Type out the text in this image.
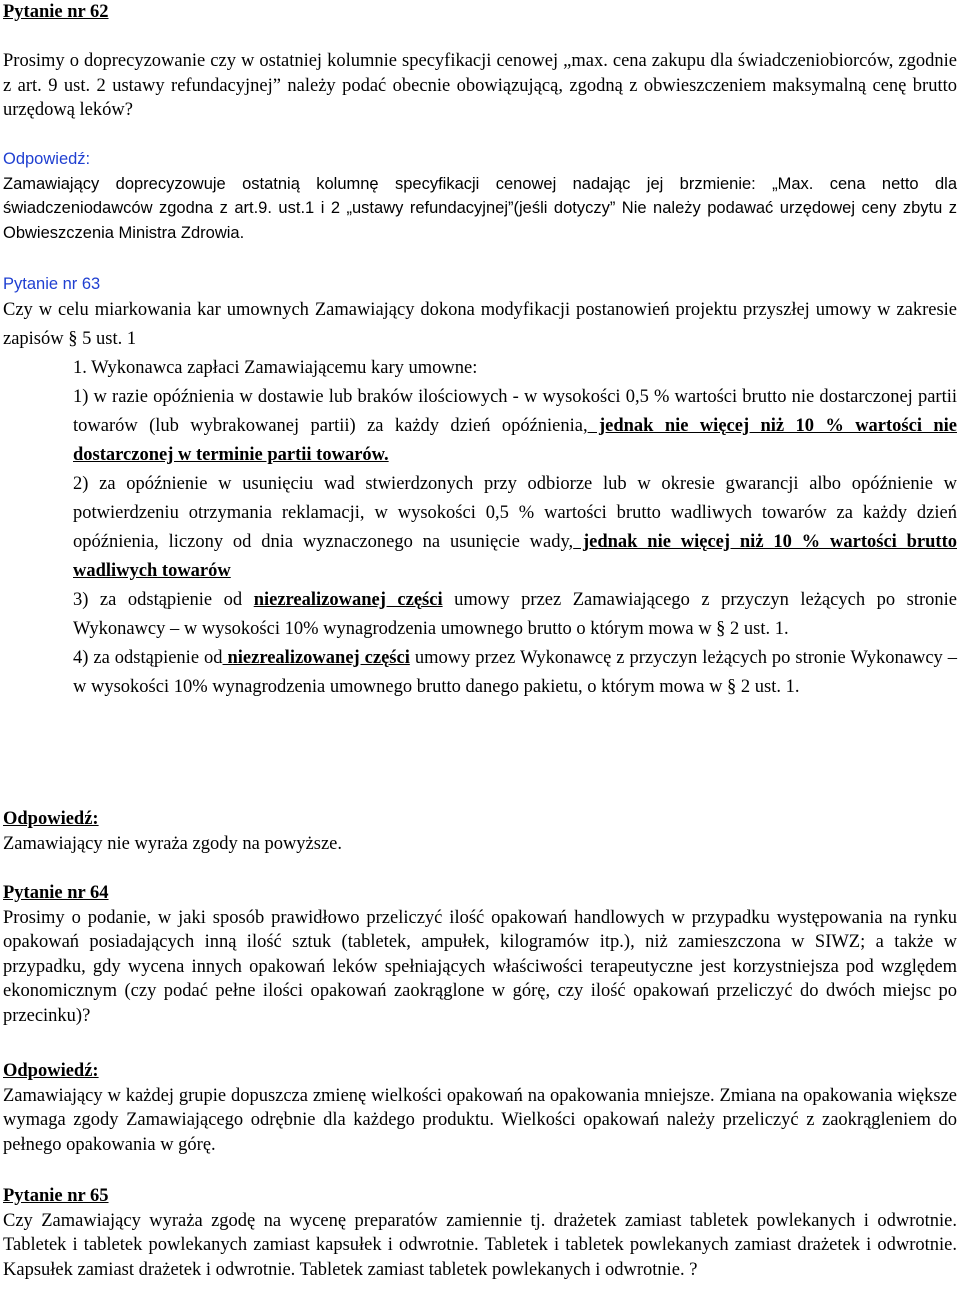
Pytanie nr 62
Prosimy o doprecyzowanie czy w ostatniej kolumnie specyfikacji cenowej „max. cena zakupu dla świadczeniobiorców, zgodnie z art. 9 ust. 2 ustawy refundacyjnej” należy podać obecnie obowiązującą, zgodną z obwieszczeniem maksymalną cenę brutto urzędową leków?
Odpowiedź:
Zamawiający doprecyzowuje ostatnią kolumnę specyfikacji cenowej nadając jej brzmienie: „Max. cena netto dla świadczeniodawców zgodna z art.9. ust.1 i 2 „ustawy refundacyjnej”(jeśli dotyczy” Nie należy podawać urzędowej ceny zbytu z Obwieszczenia Ministra Zdrowia.
Pytanie nr 63

Czy w celu miarkowania kar umownych Zamawiający dokona modyfikacji postanowień projektu przyszłej umowy w zakresie zapisów § 5 ust. 1

1. Wykonawca zapłaci Zamawiającemu kary umowne:

1) w razie opóźnienia w dostawie lub braków ilościowych - w wysokości 0,5 % wartości brutto nie dostarczonej partii towarów (lub wybrakowanej partii) za każdy dzień opóźnienia, jednak nie więcej niż 10 % wartości nie dostarczonej w terminie partii towarów.

2) za opóźnienie w usunięciu wad stwierdzonych przy odbiorze lub w okresie gwarancji albo opóźnienie w potwierdzeniu otrzymania reklamacji, w wysokości 0,5 % wartości brutto wadliwych towarów za każdy dzień opóźnienia, liczony od dnia wyznaczonego na usunięcie wady, jednak nie więcej niż 10 % wartości brutto wadliwych towarów

3) za odstąpienie od niezrealizowanej części umowy przez Zamawiającego z przyczyn leżących po stronie Wykonawcy – w wysokości 10% wynagrodzenia umownego brutto o którym mowa w § 2 ust. 1.

4) za odstąpienie od niezrealizowanej części umowy przez Wykonawcę z przyczyn leżących po stronie Wykonawcy – w wysokości 10% wynagrodzenia umownego brutto danego pakietu, o którym mowa w § 2 ust. 1.

Odpowiedź:
Zamawiający nie wyraża zgody na powyższe.
Pytanie nr 64
Prosimy o podanie, w jaki sposób prawidłowo przeliczyć ilość opakowań handlowych w przypadku występowania na rynku opakowań posiadających inną ilość sztuk (tabletek, ampułek, kilogramów itp.), niż zamieszczona w SIWZ; a także w przypadku, gdy wycena innych opakowań leków spełniających właściwości terapeutyczne jest korzystniejsza pod względem ekonomicznym (czy podać pełne ilości opakowań zaokrąglone w górę, czy ilość opakowań przeliczyć do dwóch miejsc po przecinku)?
Odpowiedź:
Zamawiający w każdej grupie dopuszcza zmienę wielkości opakowań na opakowania mniejsze. Zmiana na opakowania większe wymaga zgody Zamawiającego odrębnie dla każdego produktu. Wielkości opakowań należy przeliczyć z zaokrągleniem do pełnego opakowania w górę.
Pytanie nr 65
Czy Zamawiający wyraża zgodę na wycenę preparatów zamiennie tj. drażetek zamiast tabletek powlekanych i odwrotnie. Tabletek i tabletek powlekanych zamiast kapsułek i odwrotnie. Tabletek i tabletek powlekanych zamiast drażetek i odwrotnie. Kapsułek zamiast drażetek i odwrotnie. Tabletek zamiast tabletek powlekanych i odwrotnie. ?
